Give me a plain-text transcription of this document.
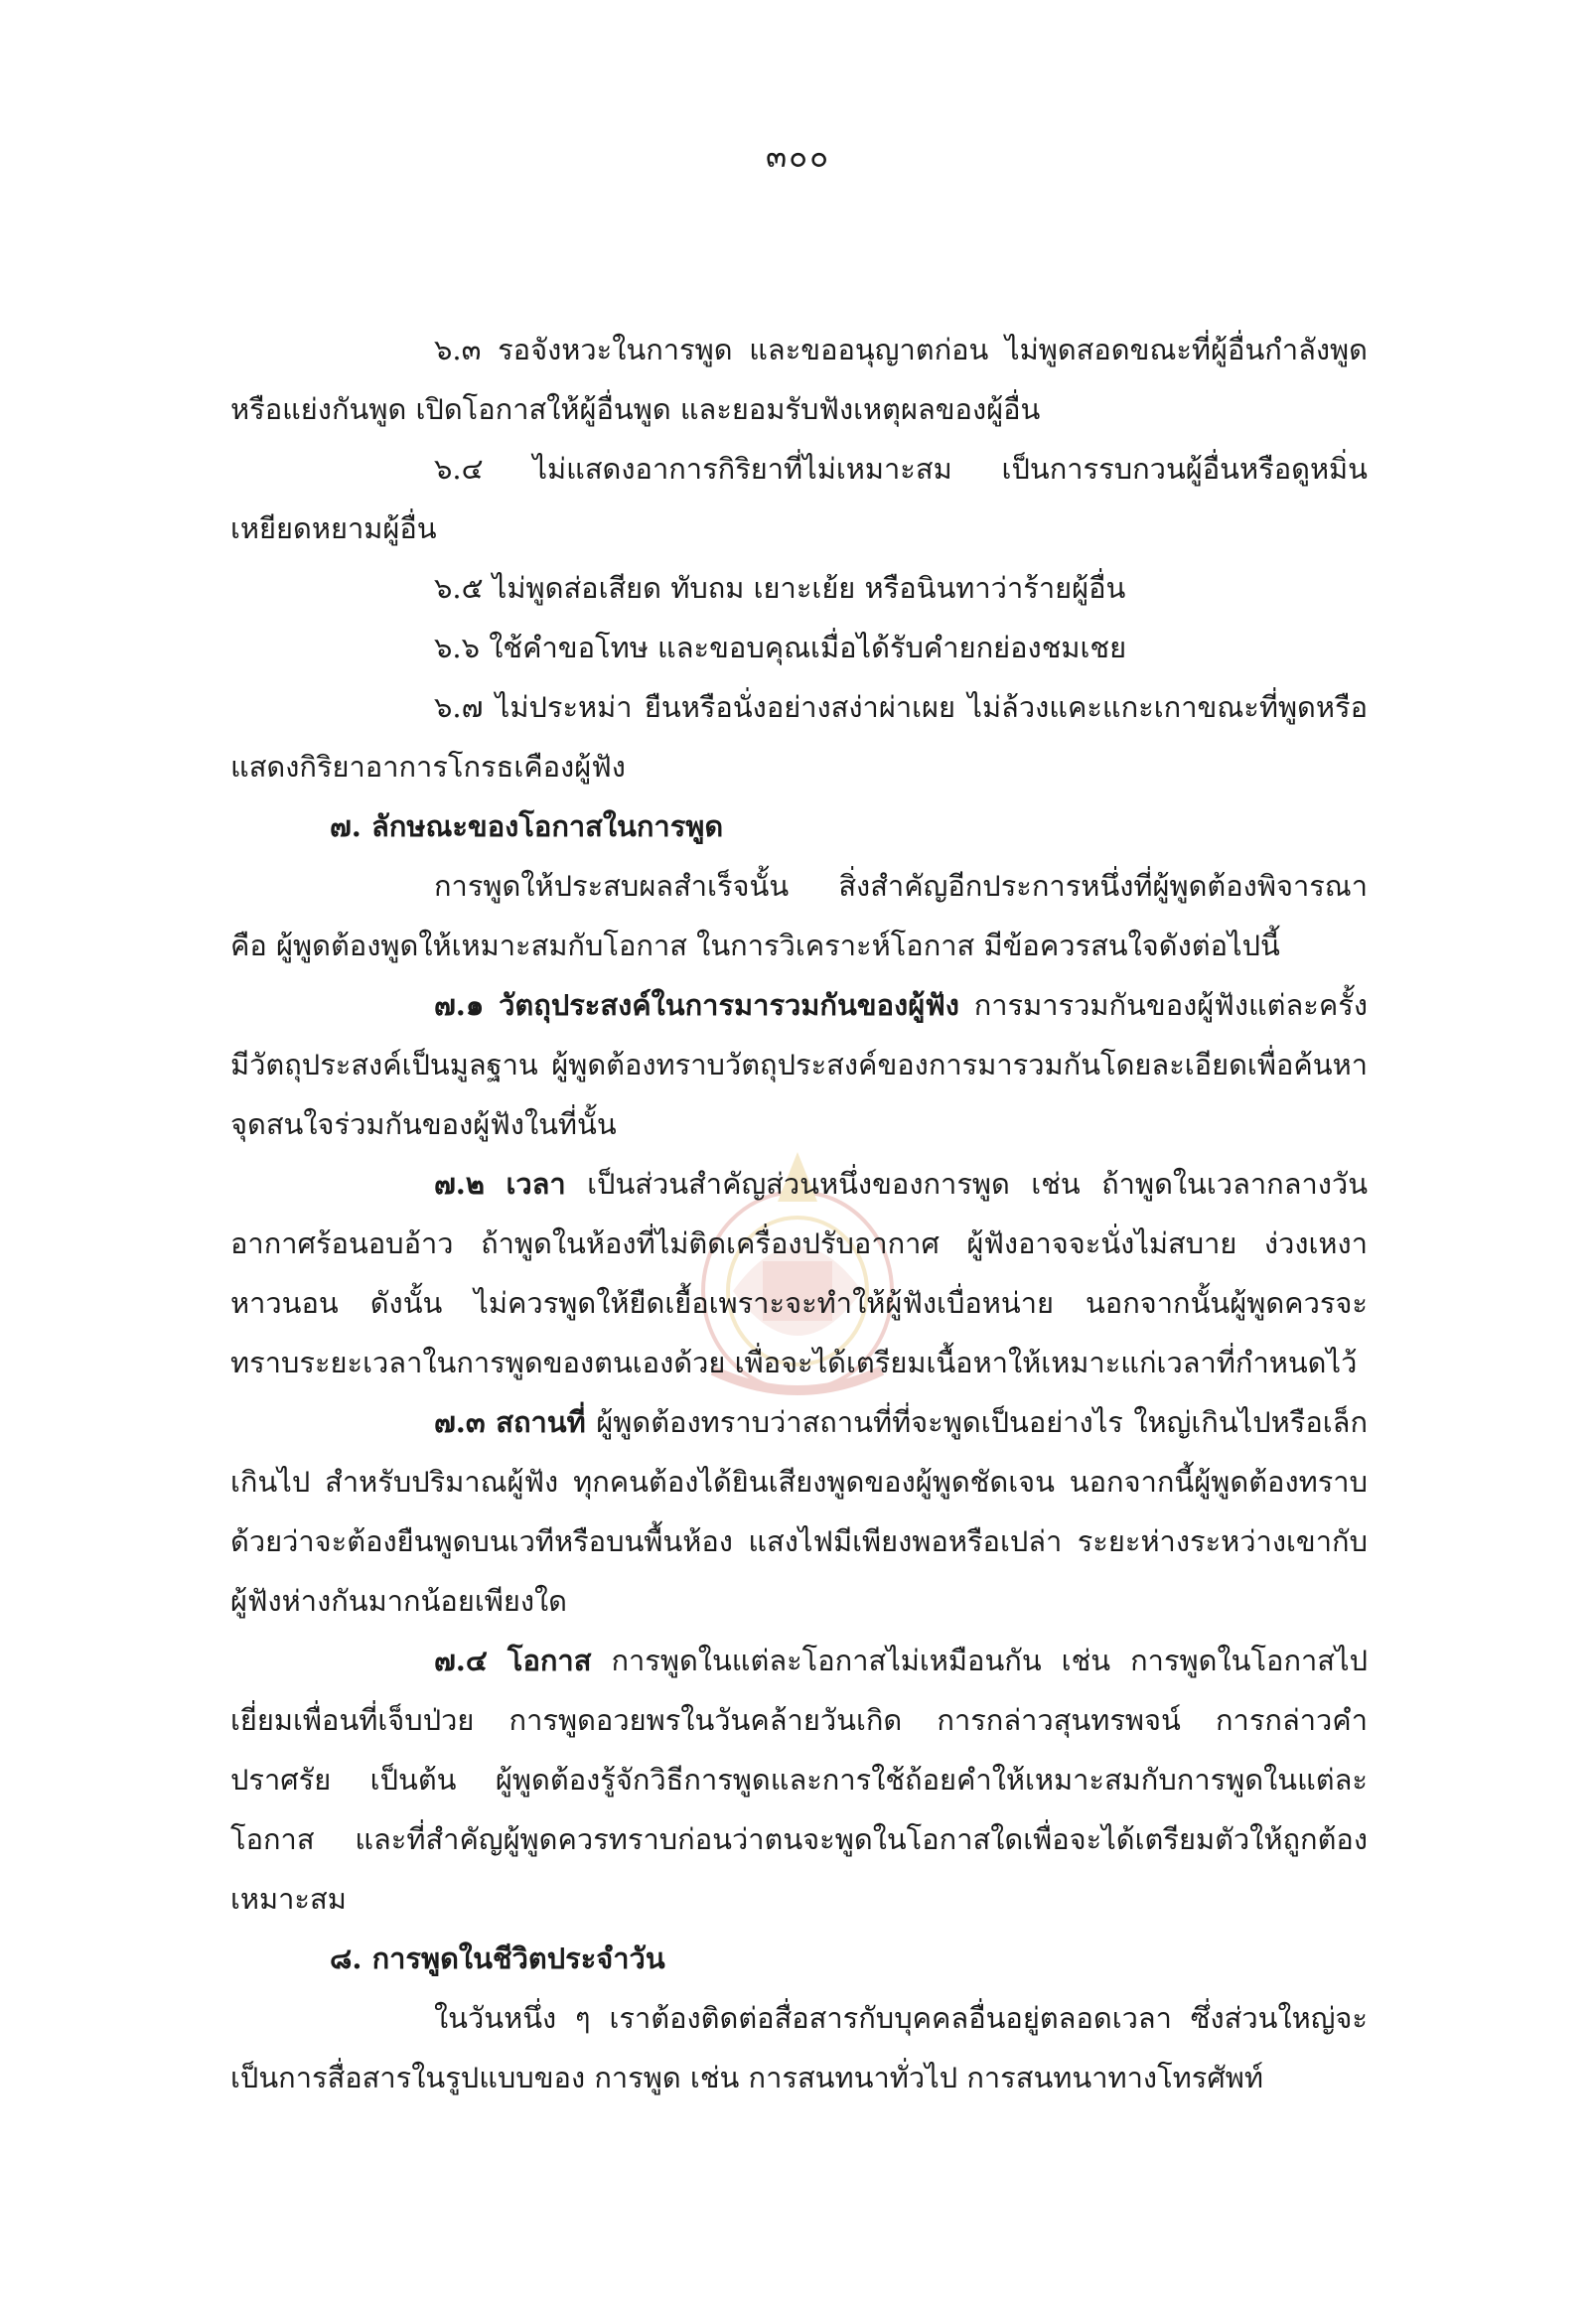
๓๐๐

๖.๓ รอจังหวะในการพูด และขออนุญาตก่อน ไม่พูดสอดขณะที่ผู้อื่นกำลังพูด หรือแย่งกันพูด เปิดโอกาสให้ผู้อื่นพูด และยอมรับฟังเหตุผลของผู้อื่น

๖.๔ ไม่แสดงอาการกิริยาที่ไม่เหมาะสม เป็นการรบกวนผู้อื่นหรือดูหมิ่นเหยียดหยามผู้อื่น

๖.๕ ไม่พูดส่อเสียด ทับถม เยาะเย้ย หรือนินทาว่าร้ายผู้อื่น

๖.๖ ใช้คำขอโทษ และขอบคุณเมื่อได้รับคำยกย่องชมเชย

๖.๗ ไม่ประหม่า ยืนหรือนั่งอย่างสง่าผ่าเผย ไม่ล้วงแคะแกะเกาขณะที่พูดหรือแสดงกิริยาอาการโกรธเคืองผู้ฟัง

๗. ลักษณะของโอกาสในการพูด

การพูดให้ประสบผลสำเร็จนั้น สิ่งสำคัญอีกประการหนึ่งที่ผู้พูดต้องพิจารณา คือ ผู้พูดต้องพูดให้เหมาะสมกับโอกาส ในการวิเคราะห์โอกาส มีข้อควรสนใจดังต่อไปนี้

๗.๑ วัตถุประสงค์ในการมารวมกันของผู้ฟัง การมารวมกันของผู้ฟังแต่ละครั้งมีวัตถุประสงค์เป็นมูลฐาน ผู้พูดต้องทราบวัตถุประสงค์ของการมารวมกันโดยละเอียดเพื่อค้นหาจุดสนใจร่วมกันของผู้ฟังในที่นั้น

๗.๒ เวลา เป็นส่วนสำคัญส่วนหนึ่งของการพูด เช่น ถ้าพูดในเวลากลางวัน อากาศร้อนอบอ้าว ถ้าพูดในห้องที่ไม่ติดเครื่องปรับอากาศ ผู้ฟังอาจจะนั่งไม่สบาย ง่วงเหงาหาวนอน ดังนั้น ไม่ควรพูดให้ยืดเยื้อเพราะจะทำให้ผู้ฟังเบื่อหน่าย นอกจากนั้นผู้พูดควรจะทราบระยะเวลาในการพูดของตนเองด้วย เพื่อจะได้เตรียมเนื้อหาให้เหมาะแก่เวลาที่กำหนดไว้

๗.๓ สถานที่ ผู้พูดต้องทราบว่าสถานที่ที่จะพูดเป็นอย่างไร ใหญ่เกินไปหรือเล็กเกินไป สำหรับปริมาณผู้ฟัง ทุกคนต้องได้ยินเสียงพูดของผู้พูดชัดเจน นอกจากนี้ผู้พูดต้องทราบด้วยว่าจะต้องยืนพูดบนเวทีหรือบนพื้นห้อง แสงไฟมีเพียงพอหรือเปล่า ระยะห่างระหว่างเขากับผู้ฟังห่างกันมากน้อยเพียงใด

๗.๔ โอกาส การพูดในแต่ละโอกาสไม่เหมือนกัน เช่น การพูดในโอกาสไปเยี่ยมเพื่อนที่เจ็บป่วย การพูดอวยพรในวันคล้ายวันเกิด การกล่าวสุนทรพจน์ การกล่าวคำปราศรัย เป็นต้น ผู้พูดต้องรู้จักวิธีการพูดและการใช้ถ้อยคำให้เหมาะสมกับการพูดในแต่ละโอกาส และที่สำคัญผู้พูดควรทราบก่อนว่าตนจะพูดในโอกาสใดเพื่อจะได้เตรียมตัวให้ถูกต้องเหมาะสม

๘. การพูดในชีวิตประจำวัน

ในวันหนึ่ง ๆ เราต้องติดต่อสื่อสารกับบุคคลอื่นอยู่ตลอดเวลา ซึ่งส่วนใหญ่จะเป็นการสื่อสารในรูปแบบของ การพูด เช่น การสนทนาทั่วไป การสนทนาทางโทรศัพท์
